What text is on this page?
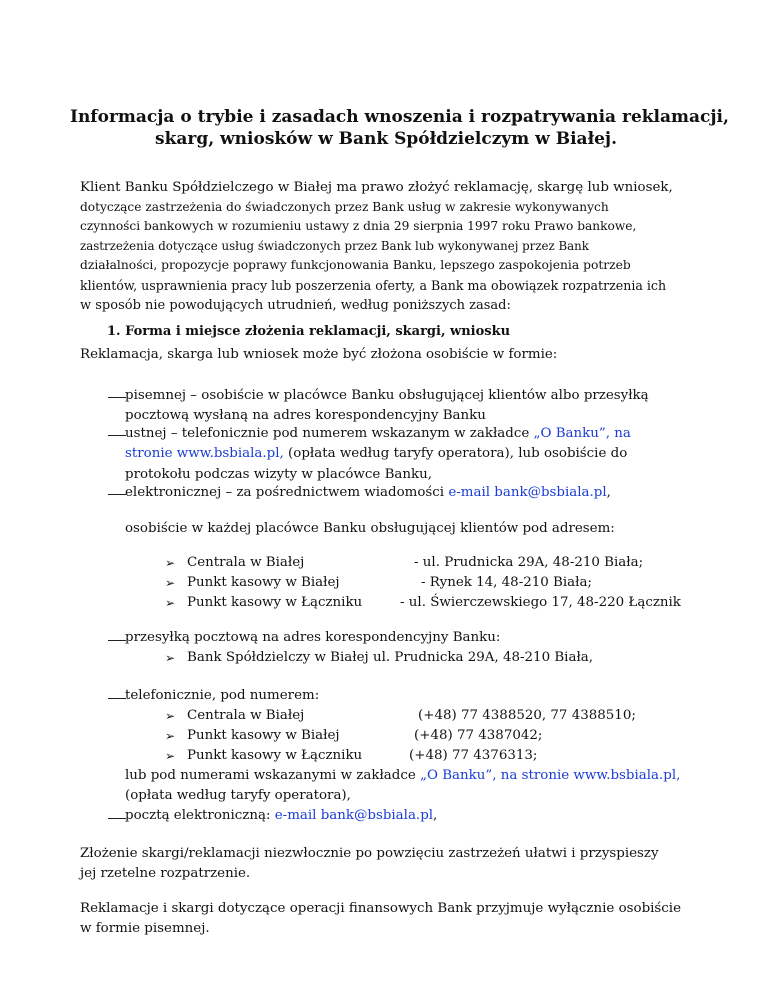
Informacja o trybie i zasadach wnoszenia i rozpatrywania reklamacji,
skarg, wniosków w Bank Spółdzielczym w Białej.
Klient Banku Spółdzielczego w Białej ma prawo złożyć reklamację, skargę lub wniosek,
dotyczące zastrzeżenia do świadczonych przez Bank usług w zakresie wykonywanych
czynności bankowych w rozumieniu ustawy z dnia 29 sierpnia 1997 roku Prawo bankowe,
zastrzeżenia dotyczące usług świadczonych przez Bank lub wykonywanej przez Bank
działalności, propozycje poprawy funkcjonowania Banku, lepszego zaspokojenia potrzeb
klientów, usprawnienia pracy lub poszerzenia oferty, a Bank ma obowiązek rozpatrzenia ich
w sposób nie powodujących utrudnień, według poniższych zasad:
1. Forma i miejsce złożenia reklamacji, skargi, wniosku
Reklamacja, skarga lub wniosek może być złożona osobiście w formie:
pisemnej – osobiście w placówce Banku obsługującej klientów albo przesyłką
pocztową wysłaną na adres korespondencyjny Banku
ustnej – telefonicznie pod numerem wskazanym w zakładce „O Banku”, na
stronie www.bsbiala.pl, (opłata według taryfy operatora), lub osobiście do
protokołu podczas wizyty w placówce Banku,
elektronicznej – za pośrednictwem wiadomości e-mail bank@bsbiala.pl,
osobiście w każdej placówce Banku obsługującej klientów pod adresem:
➢ Centrala w Białej	- ul. Prudnicka 29A, 48-210 Biała;
➢ Punkt kasowy w Białej	- Rynek 14, 48-210 Biała;
➢ Punkt kasowy w Łączniku	- ul. Świerczewskiego 17, 48-220 Łącznik
przesyłką pocztową na adres korespondencyjny Banku:
➢ Bank Spółdzielczy w Białej ul. Prudnicka 29A, 48-210 Biała,
telefonicznie, pod numerem:
➢ Centrala w Białej	(+48) 77 4388520, 77 4388510;
➢ Punkt kasowy w Białej	(+48) 77 4387042;
➢ Punkt kasowy w Łączniku	(+48) 77 4376313;
lub pod numerami wskazanymi w zakładce „O Banku”, na stronie www.bsbiala.pl,
(opłata według taryfy operatora),
pocztą elektroniczną: e-mail bank@bsbiala.pl,
Złożenie skargi/reklamacji niezwłocznie po powzięciu zastrzeżeń ułatwi i przyspieszy
jej rzetelne rozpatrzenie.
Reklamacje i skargi dotyczące operacji finansowych Bank przyjmuje wyłącznie osobiście
w formie pisemnej.
